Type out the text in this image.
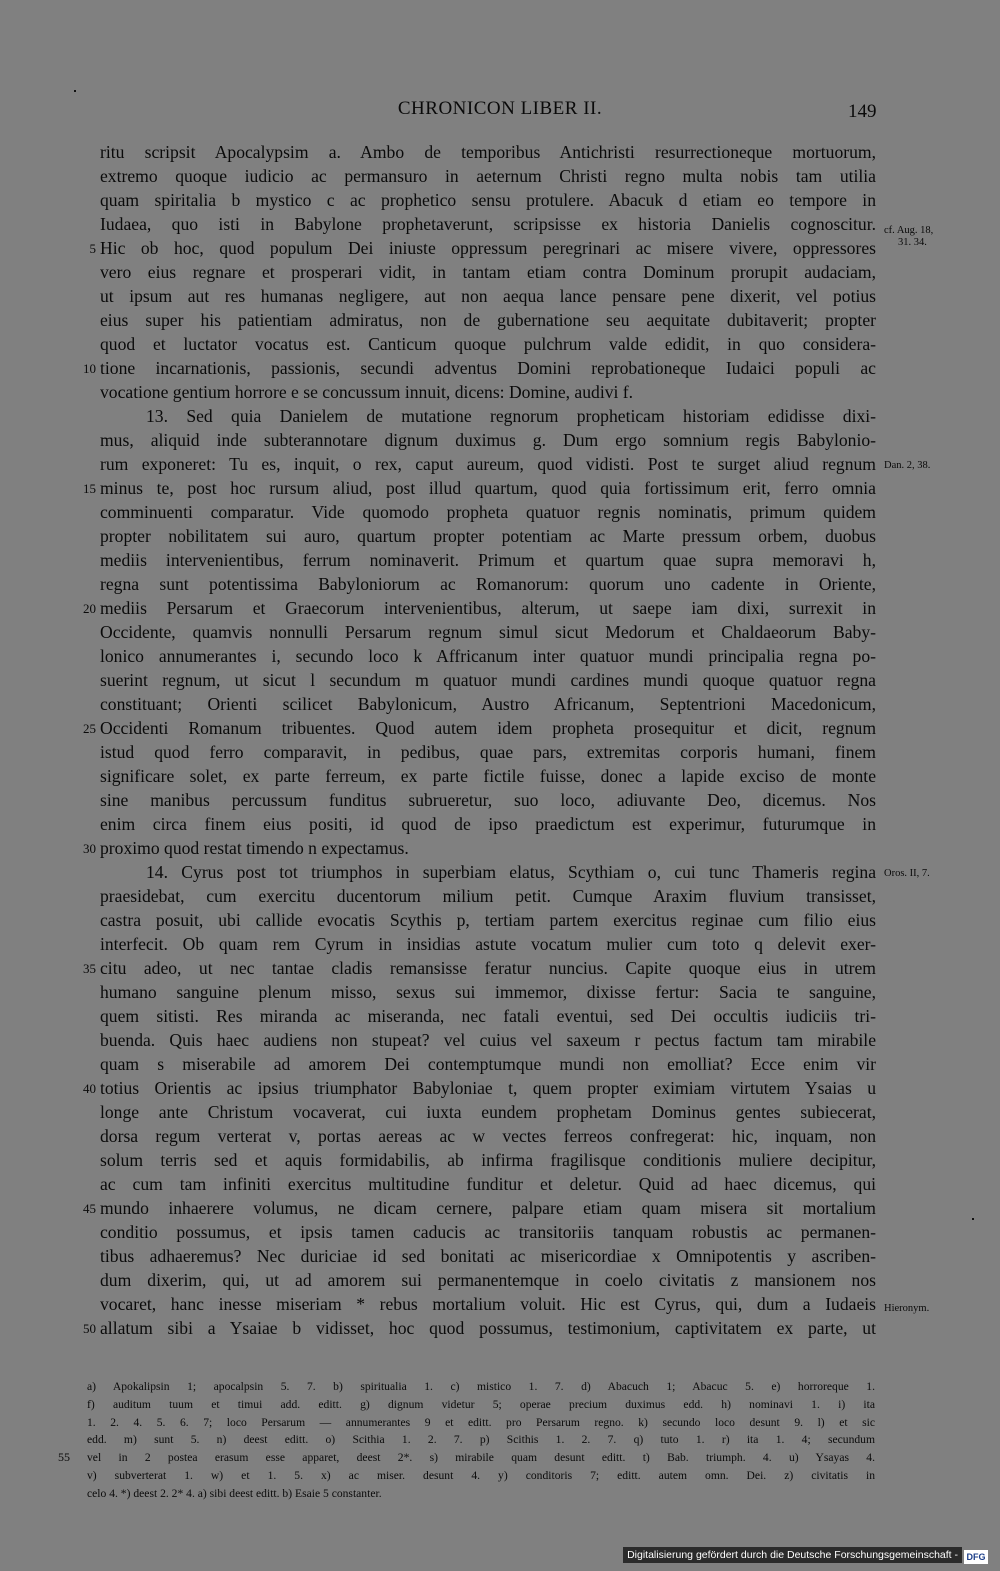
CHRONICON LIBER II.	149
ritu scripsit Apocalypsim a. Ambo de temporibus Antichristi resurrectioneque mortuorum,
extremo quoque iudicio ac permansuro in aeternum Christi regno multa nobis tam utilia
quam spiritalia b mystico c ac prophetico sensu protulere. Abacuk d etiam eo tempore in
Iudaea, quo isti in Babylone prophetaverunt, scripsisse ex historia Danielis cognoscitur.
Hic ob hoc, quod populum Dei iniuste oppressum peregrinari ac misere vivere, oppressores
vero eius regnare et prosperari vidit, in tantam etiam contra Dominum prorupit audaciam,
ut ipsum aut res humanas negligere, aut non aequa lance pensare pene dixerit, vel potius
eius super his patientiam admiratus, non de gubernatione seu aequitate dubitaverit; propter
quod et luctator vocatus est. Canticum quoque pulchrum valde edidit, in quo considera-
tione incarnationis, passionis, secundi adventus Domini reprobationeque Iudaici populi ac
vocatione gentium horrore e se concussum innuit, dicens: Domine, audivi f.
13. Sed quia Danielem de mutatione regnorum propheticam historiam edidisse dixi-
mus, aliquid inde subterannotare dignum duximus g. Dum ergo somnium regis Babylonio-
rum exponeret: Tu es, inquit, o rex, caput aureum, quod vidisti. Post te surget aliud regnum
minus te, post hoc rursum aliud, post illud quartum, quod quia fortissimum erit, ferro omnia
comminuenti comparatur. Vide quomodo propheta quatuor regnis nominatis, primum quidem
propter nobilitatem sui auro, quartum propter potentiam ac Marte pressum orbem, duobus
mediis intervenientibus, ferrum nominaverit. Primum et quartum quae supra memoravi h,
regna sunt potentissima Babyloniorum ac Romanorum: quorum uno cadente in Oriente,
mediis Persarum et Graecorum intervenientibus, alterum, ut saepe iam dixi, surrexit in
Occidente, quamvis nonnulli Persarum regnum simul sicut Medorum et Chaldaeorum Baby-
lonico annumerantes i, secundo loco k Affricanum inter quatuor mundi principalia regna po-
suerint regnum, ut sicut l secundum m quatuor mundi cardines mundi quoque quatuor regna
constituant; Orienti scilicet Babylonicum, Austro Africanum, Septentrioni Macedonicum,
Occidenti Romanum tribuentes. Quod autem idem propheta prosequitur et dicit, regnum
istud quod ferro comparavit, in pedibus, quae pars, extremitas corporis humani, finem
significare solet, ex parte ferreum, ex parte fictile fuisse, donec a lapide exciso de monte
sine manibus percussum funditus subrueretur, suo loco, adiuvante Deo, dicemus. Nos
enim circa finem eius positi, id quod de ipso praedictum est experimur, futurumque in
proximo quod restat timendo n expectamus.
14. Cyrus post tot triumphos in superbiam elatus, Scythiam o, cui tunc Thameris regina
praesidebat, cum exercitu ducentorum milium petit. Cumque Araxim fluvium transisset,
castra posuit, ubi callide evocatis Scythis p, tertiam partem exercitus reginae cum filio eius
interfecit. Ob quam rem Cyrum in insidias astute vocatum mulier cum toto q delevit exer-
citu adeo, ut nec tantae cladis remansisse feratur nuncius. Capite quoque eius in utrem
humano sanguine plenum misso, sexus sui immemor, dixisse fertur: Sacia te sanguine,
quem sitisti. Res miranda ac miseranda, nec fatali eventui, sed Dei occultis iudiciis tri-
buenda. Quis haec audiens non stupeat? vel cuius vel saxeum r pectus factum tam mirabile
quam s miserabile ad amorem Dei contemptumque mundi non emolliat? Ecce enim vir
totius Orientis ac ipsius triumphator Babyloniae t, quem propter eximiam virtutem Ysaias u
longe ante Christum vocaverat, cui iuxta eundem prophetam Dominus gentes subiecerat,
dorsa regum verterat v, portas aereas ac w vectes ferreos confregerat: hic, inquam, non
solum terris sed et aquis formidabilis, ab infirma fragilisque conditionis muliere decipitur,
ac cum tam infiniti exercitus multitudine funditur et deletur. Quid ad haec dicemus, qui
mundo inhaerere volumus, ne dicam cernere, palpare etiam quam misera sit mortalium
conditio possumus, et ipsis tamen caducis ac transitoriis tanquam robustis ac permanen-
tibus adhaeremus? Nec duriciae id sed bonitati ac misericordiae x Omnipotentis y ascriben-
dum dixerim, qui, ut ad amorem sui permanentemque in coelo civitatis z mansionem nos
vocaret, hanc inesse miseriam * rebus mortalium voluit. Hic est Cyrus, qui, dum a Iudaeis
allatum sibi a Ysaiae b vidisset, hoc quod possumus, testimonium, captivitatem ex parte, ut
5
10
15
20
25
30
35
40
45
50
cf. Aug. 18,
31. 34.
Dan. 2, 38.
Oros. II, 7.
Hieronym.
a) Apokalipsin 1; apocalpsin 5. 7. b) spiritualia 1. c) mistico 1. 7. d) Abacuch 1; Abacuc 5. e) horroreque 1.
f) auditum tuum et timui add. editt. g) dignum videtur 5; operae precium duximus edd. h) nominavi 1. i) ita
1. 2. 4. 5. 6. 7; loco Persarum — annumerantes 9 et editt. pro Persarum regno. k) secundo loco desunt 9. l) et sic
edd. m) sunt 5. n) deest editt. o) Scithia 1. 2. 7. p) Scithis 1. 2. 7. q) tuto 1. r) ita 1. 4; secundum
vel in 2 postea erasum esse apparet, deest 2*. s) mirabile quam desunt editt. t) Bab. triumph. 4. u) Ysayas 4.
v) subverterat 1. w) et 1. 5. x) ac miser. desunt 4. y) conditoris 7; editt. autem omn. Dei. z) civitatis in
celo 4. *) deest 2. 2* 4. a) sibi deest editt. b) Esaie 5 constanter.
55
Digitalisierung gefördert durch die Deutsche Forschungsgemeinschaft - DFG
